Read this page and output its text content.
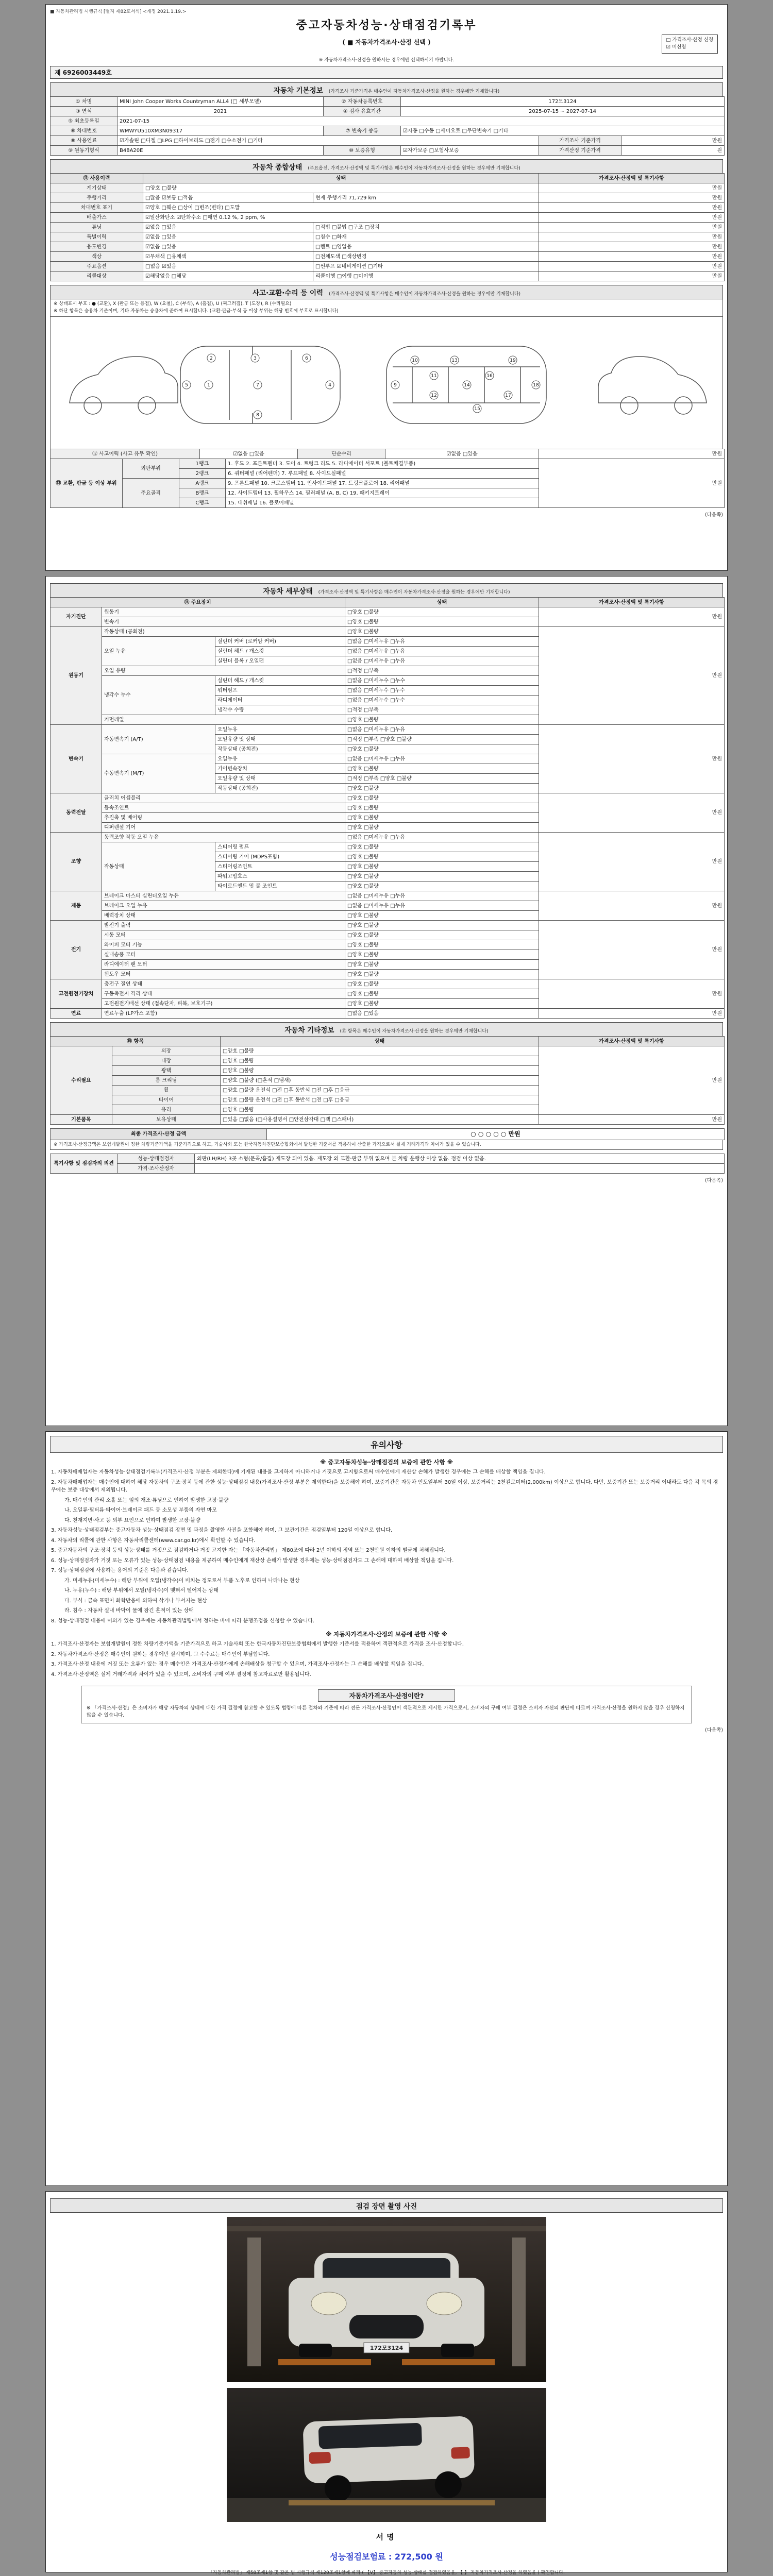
■ 자동차관리법 시행규칙 [별지 제82호서식] <개정 2021.1.19.>
중고자동차성능·상태점검기록부
( ■ 자동차가격조사·산정 선택 )	□ 가격조사·산정 신청
☑ 미신청
※ 자동차가격조사·산정을 원하시는 경우에만 선택하시기 바랍니다.
제 6926003449호
자동차 기본정보 (가격조사 기준가격은 매수인이 자동차가격조사·산정을 원하는 경우에만 기재합니다)
① 차명	MINI John Cooper Works Countryman ALL4 (□ 세부모델)	② 자동차등록번호	172모3124		
③ 연식	2021	④ 검사 유효기간	2025-07-15 ~ 2027-07-14		
⑤ 최초등록일	2021-07-15				
⑥ 차대번호	WMWYU510XM3N09317	⑦ 변속기 종류	☑자동 □수동 □세미오토 □무단변속기 □기타		
⑧ 사용연료	☑가솔린 □디젤 □LPG □하이브리드 □전기 □수소전기 □기타			가격조사 기준가격	만원
⑨ 원동기형식	B48A20E	⑩ 보증유형	☑자가보증 □보험사보증	가격산정 기준가격	원
자동차 종합상태 (주요옵션, 가격조사·산정액 및 특기사항은 매수인이 자동차가격조사·산정을 원하는 경우에만 기재합니다)
⑪ 사용이력	상태		가격조사·산정액 및 특기사항
계기상태	□양호 □불량		만원
주행거리	□많음 ☑보통 □적음	현재 주행거리 71,729 km	만원
차대번호 표기	☑양호 □훼손 □상이 □변조(변타) □도말		만원
배출가스	☑일산화탄소 ☑탄화수소 □매연 0.12 %, 2 ppm, %		만원
튜닝	☑없음 □있음	□적법 □불법 □구조 □장치	만원
특별이력	☑없음 □있음	□침수 □화재	만원
용도변경	☑없음 □있음	□렌트 □영업용	만원
색상	☑무채색 □유채색	□전체도색 □색상변경	만원
주요옵션	□없음 ☑있음	□썬루프 ☑네비게이션 □기타	만원
리콜대상	☑해당없음 □해당	리콜이행 □이행 □미이행	만원
사고·교환·수리 등 이력 (가격조사·산정액 및 특기사항은 매수인이 자동차가격조사·산정을 원하는 경우에만 기재합니다)
※ 상태표시 부호 : ● (교환), X (판금 또는 용접), W (요철), C (부식), A (흠집), U (찌그러짐), T (도장), R (수리필요)
※ 하단 항목은 승용차 기준이며, 기타 자동차는 승용차에 준하여 표시합니다. (교환·판금·부식 등 이상 부위는 해당 번호에 부호로 표시합니다)
5	1
2	3
7
6
4
8
9
10
11
12
13
14
15
16
17
18
19
⑫ 사고이력 (사고 유무 확인)	☑없음 □있음	단순수리	☑없음 □있음	만원
⑬ 교환, 판금 등 이상 부위	외판부위	1랭크	1. 후드 2. 프론트펜더 3. 도어 4. 트렁크 리드 5. 라디에이터 서포트 (볼트체결부품)	만원
		2랭크	6. 쿼터패널 (리어펜더) 7. 루프패널 8. 사이드실패널	
	주요골격	A랭크	9. 프론트패널 10. 크로스멤버 11. 인사이드패널 17. 트렁크플로어 18. 리어패널	
		B랭크	12. 사이드멤버 13. 휠하우스 14. 필러패널 (A, B, C) 19. 패키지트레이	
		C랭크	15. 대쉬패널 16. 플로어패널	
(다음쪽)
자동차 세부상태 (가격조사·산정액 및 특기사항은 매수인이 자동차가격조사·산정을 원하는 경우에만 기재합니다)
⑭ 주요장치			상태	가격조사·산정액 및 특기사항
자기진단	원동기		□양호 □불량	만원
	변속기		□양호 □불량	
원동기	작동상태 (공회전)		□양호 □불량	만원
	오일 누유	실린더 커버 (로커암 커버)	□없음 □미세누유 □누유	
		실린더 헤드 / 개스킷	□없음 □미세누유 □누유	
		실린더 블록 / 오일팬	□없음 □미세누유 □누유	
	오일 유량		□적정 □부족	
	냉각수 누수	실린더 헤드 / 개스킷	□없음 □미세누수 □누수	
		워터펌프	□없음 □미세누수 □누수	
		라디에이터	□없음 □미세누수 □누수	
		냉각수 수량	□적정 □부족	
	커먼레일		□양호 □불량	
변속기	자동변속기 (A/T)	오일누유	□없음 □미세누유 □누유	만원
		오일유량 및 상태	□적정 □부족 □양호 □불량	
		작동상태 (공회전)	□양호 □불량	
	수동변속기 (M/T)	오일누유	□없음 □미세누유 □누유	
		기어변속장치	□양호 □불량	
		오일유량 및 상태	□적정 □부족 □양호 □불량	
		작동상태 (공회전)	□양호 □불량	
동력전달	클러치 어셈블리		□양호 □불량	만원
	등속조인트		□양호 □불량	
	추진축 및 베어링		□양호 □불량	
	디퍼렌셜 기어		□양호 □불량	
조향	동력조향 작동 오일 누유		□없음 □미세누유 □누유	만원
	작동상태	스티어링 펌프	□양호 □불량	
		스티어링 기어 (MDPS포함)	□양호 □불량	
		스티어링조인트	□양호 □불량	
		파워고압호스	□양호 □불량	
		타이로드엔드 및 볼 조인트	□양호 □불량	
제동	브레이크 마스터 실린더오일 누유		□없음 □미세누유 □누유	만원
	브레이크 오일 누유		□없음 □미세누유 □누유	
	배력장치 상태		□양호 □불량	
전기	발전기 출력		□양호 □불량	만원
	시동 모터		□양호 □불량	
	와이퍼 모터 기능		□양호 □불량	
	실내송풍 모터		□양호 □불량	
	라디에이터 팬 모터		□양호 □불량	
	윈도우 모터		□양호 □불량	
고전원전기장치	충전구 절연 상태		□양호 □불량	만원
	구동축전지 격리 상태		□양호 □불량	
	고전원전기배선 상태 (접속단자, 피복, 보호기구)		□양호 □불량	
연료	연료누출 (LP가스 포함)		□없음 □있음	만원
자동차 기타정보 (⑮ 항목은 매수인이 자동차가격조사·산정을 원하는 경우에만 기재합니다)
⑮ 항목		상태	가격조사·산정액 및 특기사항
수리필요	외장	□양호 □불량	만원
	내장	□양호 □불량	
	광택	□양호 □불량	
	룸 크리닝	□양호 □불량 (□흔적 □냄새)	
	휠	□양호 □불량 운전석 □전 □후 동반석 □전 □후 □응급	
	타이어	□양호 □불량 운전석 □전 □후 동반석 □전 □후 □응급	
	유리	□양호 □불량	
기본품목	보유상태	□있음 □없음 (□사용설명서 □안전삼각대 □잭 □스패너)	만원
최종 가격조사·산정 금액	○ ○ ○ ○ ○ 만원
※ 가격조사·산정금액은 보험개발원이 정한 차량기준가액을 기준가격으로 하고, 기술사회 또는 한국자동차진단보증협회에서 발행한 기준서를 적용하여 산출한 가격으로서 실제 거래가격과 차이가 있을 수 있습니다.
특기사항 및 점검자의 의견	성능·상태점검자	외판(LH/RH) 3곳 소형(문콕/흠집) 재도장 되어 있음. 재도장 외 교환·판금 부위 없으며 본 차량 운행상 이상 없음. 점검 이상 없음.
	가격·조사산정자	
(다음쪽)
유의사항
※ 중고자동차성능·상태점검의 보증에 관한 사항 ※
1. 자동차매매업자는 자동차성능·상태점검기록부(가격조사·산정 부분은 제외한다)에 기재된 내용을 고지하지 아니하거나 거짓으로 고지함으로써 매수인에게 재산상 손해가 발생한 경우에는 그 손해를 배상할 책임을 집니다.
2. 자동차매매업자는 매수인에 대하여 해당 자동차의 구조·장치 등에 관한 성능·상태점검 내용(가격조사·산정 부분은 제외한다)을 보증해야 하며, 보증기간은 자동차 인도일부터 30일 이상, 보증거리는 2천킬로미터(2,000km) 이상으로 합니다. 다만, 보증기간 또는 보증거리 이내라도 다음 각 목의 경우에는 보증 대상에서 제외됩니다.
가. 매수인의 관리 소홀 또는 임의 개조·튜닝으로 인하여 발생한 고장·불량
나. 오일류·필터류·타이어·브레이크 패드 등 소모성 부품의 자연 마모
다. 천재지변·사고 등 외부 요인으로 인하여 발생한 고장·불량
3. 자동차성능·상태점검부는 중고자동차 성능·상태점검 장면 및 과정을 촬영한 사진을 포함해야 하며, 그 보관기간은 점검일부터 120일 이상으로 합니다.
4. 자동차의 리콜에 관한 사항은 자동차리콜센터(www.car.go.kr)에서 확인할 수 있습니다.
5. 중고자동차의 구조·장치 등의 성능·상태를 거짓으로 점검하거나 거짓 고지한 자는 「자동차관리법」 제80조에 따라 2년 이하의 징역 또는 2천만원 이하의 벌금에 처해집니다.
6. 성능·상태점검자가 거짓 또는 오류가 있는 성능·상태점검 내용을 제공하여 매수인에게 재산상 손해가 발생한 경우에는 성능·상태점검자도 그 손해에 대하여 배상할 책임을 집니다.
7. 성능·상태점검에 사용하는 용어의 기준은 다음과 같습니다.
가. 미세누유(미세누수) : 해당 부위에 오일(냉각수)이 비치는 정도로서 부품 노후로 인하여 나타나는 현상
나. 누유(누수) : 해당 부위에서 오일(냉각수)이 맺혀서 떨어지는 상태
다. 부식 : 금속 표면이 화학반응에 의하여 삭거나 부서지는 현상
라. 침수 : 자동차 실내 바닥이 물에 잠긴 흔적이 있는 상태
8. 성능·상태점검 내용에 이의가 있는 경우에는 자동차관리법령에서 정하는 바에 따라 분쟁조정을 신청할 수 있습니다.
※ 자동차가격조사·산정의 보증에 관한 사항 ※
1. 가격조사·산정자는 보험개발원이 정한 차량기준가액을 기준가격으로 하고 기술사회 또는 한국자동차진단보증협회에서 발행한 기준서를 적용하여 객관적으로 가격을 조사·산정합니다.
2. 자동차가격조사·산정은 매수인이 원하는 경우에만 실시하며, 그 수수료는 매수인이 부담합니다.
3. 가격조사·산정 내용에 거짓 또는 오류가 있는 경우 매수인은 가격조사·산정자에게 손해배상을 청구할 수 있으며, 가격조사·산정자는 그 손해를 배상할 책임을 집니다.
4. 가격조사·산정액은 실제 거래가격과 차이가 있을 수 있으며, 소비자의 구매 여부 결정에 참고자료로만 활용됩니다.
자동차가격조사·산정이란?
※ 「가격조사·산정」은 소비자가 해당 자동차의 상태에 대한 가격 결정에 참고할 수 있도록 법령에 따른 절차와 기준에 따라 전문 가격조사·산정인이 객관적으로 제시한 가격으로서, 소비자의 구매 여부 결정은 소비자 자신의 판단에 따르며 가격조사·산정을 원하지 않을 경우 신청하지 않을 수 있습니다.
(다음쪽)
점검 장면 촬영 사진
172모3124
서명
성능점검보험료 : 272,500 원
「자동차관리법」 제58조제1항 및 같은 법 시행규칙 제120조제1항에 따라 ( 【Ⅴ】 중고자동차 성능·상태를 점검하였음을, 【 】 자동차가격조사·산정을 하였음을 ) 확인합니다.
